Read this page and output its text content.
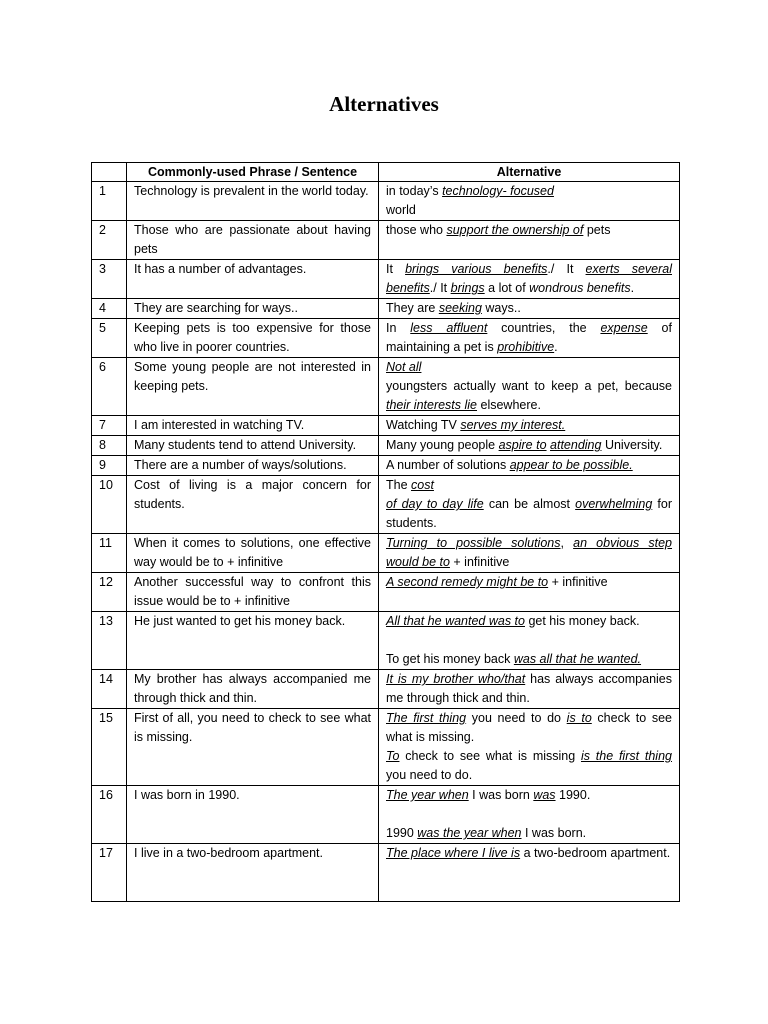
Alternatives
	Commonly-used Phrase / Sentence	Alternative
1	Technology is prevalent in the world today.	in today’s technology- focused
world

2	Those who are passionate about having pets	those who support the ownership of pets

3	It has a number of advantages.	It brings various benefits./ It exerts several benefits./ It brings a lot of wondrous benefits.

4	They are searching for ways..	They are seeking ways..

5	Keeping pets is too expensive for those who live in poorer countries.	In less affluent countries, the expense of maintaining a pet is prohibitive.

6	Some young people are not interested in keeping pets.	Not all
youngsters actually want to keep a pet, because their interests lie elsewhere.

7	I am interested in watching TV.	Watching TV serves my interest.

8	Many students tend to attend University.	Many young people aspire to attending University.

9	There are a number of ways/solutions.	A number of solutions appear to be possible.

10	Cost of living is a major concern for students.	The cost
of day to day life can be almost overwhelming for students.

11	When it comes to solutions, one effective way would be to + infinitive	Turning to possible solutions, an obvious step would be to + infinitive

12	Another successful way to confront this issue would be to + infinitive	A second remedy might be to + infinitive

13	He just wanted to get his money back.	All that he wanted was to get his money back.
To get his money back was all that he wanted.

14	My brother has always accompanied me through thick and thin.	It is my brother who/that has always accompanies me through thick and thin.

15	First of all, you need to check to see what is missing.	The first thing you need to do is to check to see what is missing.
To check to see what is missing is the first thing you need to do.

16	I was born in 1990.	The year when I was born was 1990.
1990 was the year when I was born.

17	I live in a two-bedroom apartment.	The place where I live is a two-bedroom apartment.
